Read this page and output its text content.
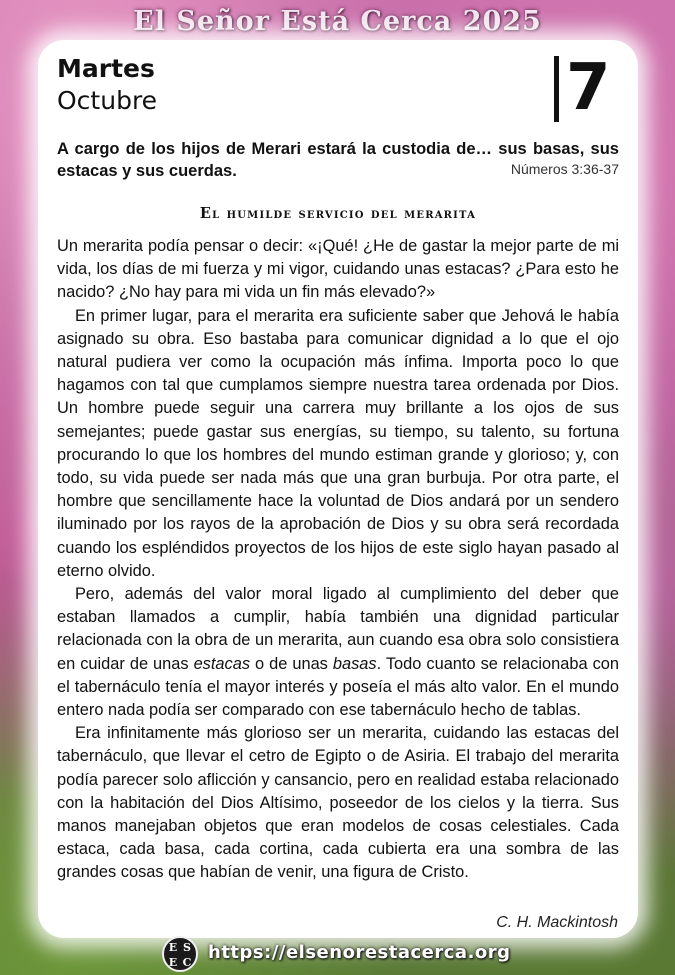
El Señor Está Cerca 2025
Martes
Octubre	7
A cargo de los hijos de Merari estará la custodia de… sus basas, sus estacas y sus cuerdas.	Números 3:36-37
El humilde servicio del merarita

Un merarita podía pensar o decir: «¡Qué! ¿He de gastar la mejor parte de mi vida, los días de mi fuerza y mi vigor, cuidando unas estacas? ¿Para esto he nacido? ¿No hay para mi vida un fin más elevado?»

En primer lugar, para el merarita era suficiente saber que Jehová le había asignado su obra. Eso bastaba para comunicar dignidad a lo que el ojo natural pudiera ver como la ocupación más ínfima. Importa poco lo que hagamos con tal que cumplamos siempre nuestra tarea ordenada por Dios. Un hombre puede seguir una carrera muy brillante a los ojos de sus semejantes; puede gastar sus energías, su tiempo, su talento, su fortuna procurando lo que los hombres del mundo estiman grande y glorioso; y, con todo, su vida puede ser nada más que una gran burbuja. Por otra parte, el hombre que sencillamente hace la voluntad de Dios andará por un sendero iluminado por los rayos de la aprobación de Dios y su obra será recordada cuando los espléndidos proyectos de los hijos de este siglo hayan pasado al eterno olvido.

Pero, además del valor moral ligado al cumplimiento del deber que estaban llamados a cumplir, había también una dignidad particular relacionada con la obra de un merarita, aun cuando esa obra solo consistiera en cuidar de unas estacas o de unas basas. Todo cuanto se relacionaba con el tabernáculo tenía el mayor interés y poseía el más alto valor. En el mundo entero nada podía ser comparado con ese tabernáculo hecho de tablas.

Era infinitamente más glorioso ser un merarita, cuidando las estacas del tabernáculo, que llevar el cetro de Egipto o de Asiria. El trabajo del merarita podía parecer solo aflicción y cansancio, pero en realidad estaba relacionado con la habitación del Dios Altísimo, poseedor de los cielos y la tierra. Sus manos manejaban objetos que eran modelos de cosas celestiales. Cada estaca, cada basa, cada cortina, cada cubierta era una sombra de las grandes cosas que habían de venir, una figura de Cristo.

C. H. Mackintosh
E S
E C https://elsenorestacerca.org
